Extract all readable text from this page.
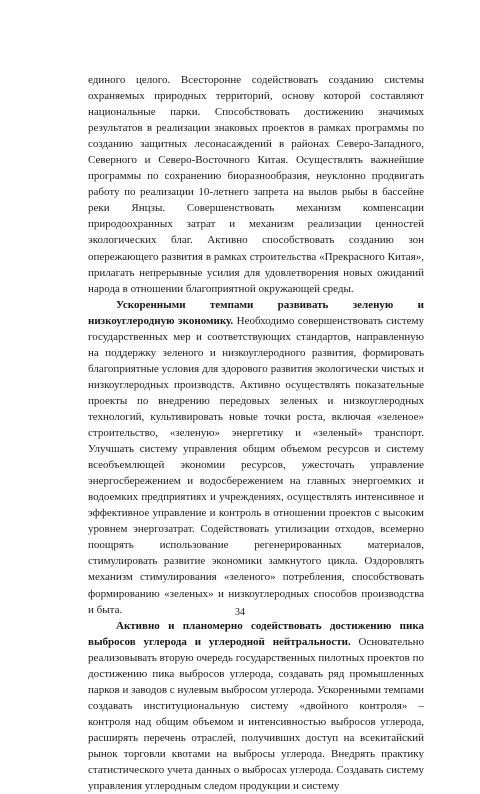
единого целого. Всесторонне содействовать созданию системы охраняемых природных территорий, основу которой составляют национальные парки. Способствовать достижению значимых результатов в реализации знаковых проектов в рамках программы по созданию защитных лесонасаждений в районах Северо-Западного, Северного и Северо-Восточного Китая. Осуществлять важнейшие программы по сохранению биоразнообразия, неуклонно продвигать работу по реализации 10-летнего запрета на вылов рыбы в бассейне реки Янцзы. Совершенствовать механизм компенсации природоохранных затрат и механизм реализации ценностей экологических благ. Активно способствовать созданию зон опережающего развития в рамках строительства «Прекрасного Китая», прилагать непрерывные усилия для удовлетворения новых ожиданий народа в отношении благоприятной окружающей среды.

Ускоренными темпами развивать зеленую и низкоуглеродную экономику. Необходимо совершенствовать систему государственных мер и соответствующих стандартов, направленную на поддержку зеленого и низкоуглеродного развития, формировать благоприятные условия для здорового развития экологически чистых и низкоуглеродных производств. Активно осуществлять показательные проекты по внедрению передовых зеленых и низкоуглеродных технологий, культивировать новые точки роста, включая «зеленое» строительство, «зеленую» энергетику и «зеленый» транспорт. Улучшать систему управления общим объемом ресурсов и систему всеобъемлющей экономии ресурсов, ужесточать управление энергосбережением и водосбережением на главных энергоемких и водоемких предприятиях и учреждениях, осуществлять интенсивное и эффективное управление и контроль в отношении проектов с высоким уровнем энергозатрат. Содействовать утилизации отходов, всемерно поощрять использование регенерированных материалов, стимулировать развитие экономики замкнутого цикла. Оздоровлять механизм стимулирования «зеленого» потребления, способствовать формированию «зеленых» и низкоуглеродных способов производства и быта.

Активно и планомерно содействовать достижению пика выбросов углерода и углеродной нейтральности. Основательно реализовывать вторую очередь государственных пилотных проектов по достижению пика выбросов углерода, создавать ряд промышленных парков и заводов с нулевым выбросом углерода. Ускоренными темпами создавать институциональную систему «двойного контроля» – контроля над общим объемом и интенсивностью выбросов углерода, расширять перечень отраслей, получивших доступ на всекитайский рынок торговли квотами на выбросы углерода. Внедрять практику статистического учета данных о выбросах углерода. Создавать систему управления углеродным следом продукции и систему

34
